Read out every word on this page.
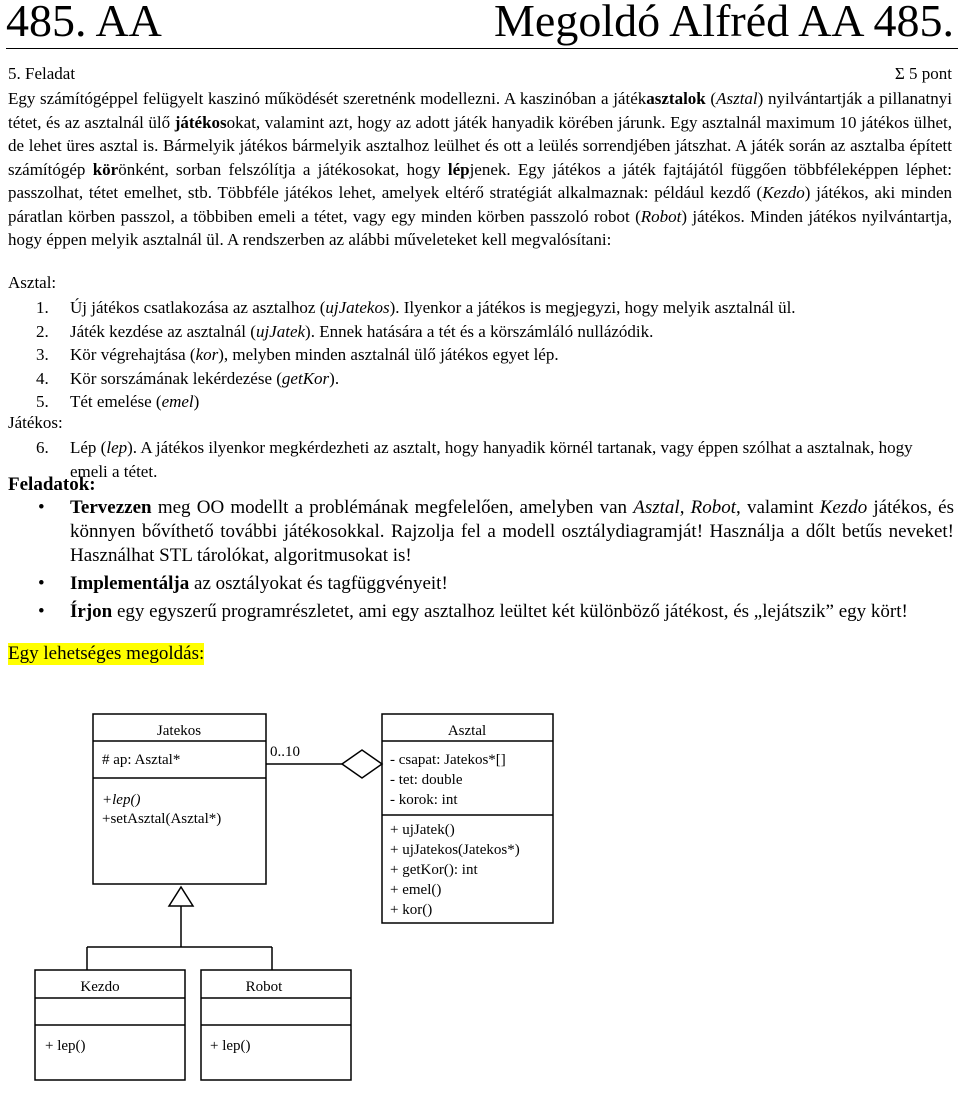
485. AA	Megoldó Alfréd AA 485.
5. Feladat	Σ 5 pont
Egy számítógéppel felügyelt kaszinó működését szeretnénk modellezni. A kaszinóban a játékasztalok (Asztal) nyilvántartják a pillanatnyi tétet, és az asztalnál ülő játékosokat, valamint azt, hogy az adott játék hanyadik körében járunk. Egy asztalnál maximum 10 játékos ülhet, de lehet üres asztal is. Bármelyik játékos bármelyik asztalhoz leülhet és ott a leülés sorrendjében játszhat. A játék során az asztalba épített számítógép körönként, sorban felszólítja a játékosokat, hogy lépjenek. Egy játékos a játék fajtájától függően többféleképpen léphet: passzolhat, tétet emelhet, stb. Többféle játékos lehet, amelyek eltérő stratégiát alkalmaznak: például kezdő (Kezdo) játékos, aki minden páratlan körben passzol, a többiben emeli a tétet, vagy egy minden körben passzoló robot (Robot) játékos. Minden játékos nyilvántartja, hogy éppen melyik asztalnál ül. A rendszerben az alábbi műveleteket kell megvalósítani:
Asztal:
1. Új játékos csatlakozása az asztalhoz (ujJatekos). Ilyenkor a játékos is megjegyzi, hogy melyik asztalnál ül.
2. Játék kezdése az asztalnál (ujJatek). Ennek hatására a tét és a körszámláló nullázódik.
3. Kör végrehajtása (kor), melyben minden asztalnál ülő játékos egyet lép.
4. Kör sorszámának lekérdezése (getKor).
5. Tét emelése (emel)
Játékos:
6. Lép (lep). A játékos ilyenkor megkérdezheti az asztalt, hogy hanyadik körnél tartanak, vagy éppen szólhat a asztalnak, hogy emeli a tétet.
Feladatok:
• Tervezzen meg OO modellt a problémának megfelelően, amelyben van Asztal, Robot, valamint Kezdo játékos, és könnyen bővíthető további játékosokkal. Rajzolja fel a modell osztálydiagramját! Használja a dőlt betűs neveket! Használhat STL tárolókat, algoritmusokat is!
• Implementálja az osztályokat és tagfüggvényeit!
• Írjon egy egyszerű programrészletet, ami egy asztalhoz leültet két különböző játékost, és „lejátszik” egy kört!
Egy lehetséges megoldás:
Jatekos
# ap: Asztal*
+lep()
+setAsztal(Asztal*)
Asztal
- csapat: Jatekos*[]
- tet: double
- korok: int
+ ujJatek()
+ ujJatekos(Jatekos*)
+ getKor(): int
+ emel()
+ kor()
0..10
Kezdo
+ lep()
Robot
+ lep()
